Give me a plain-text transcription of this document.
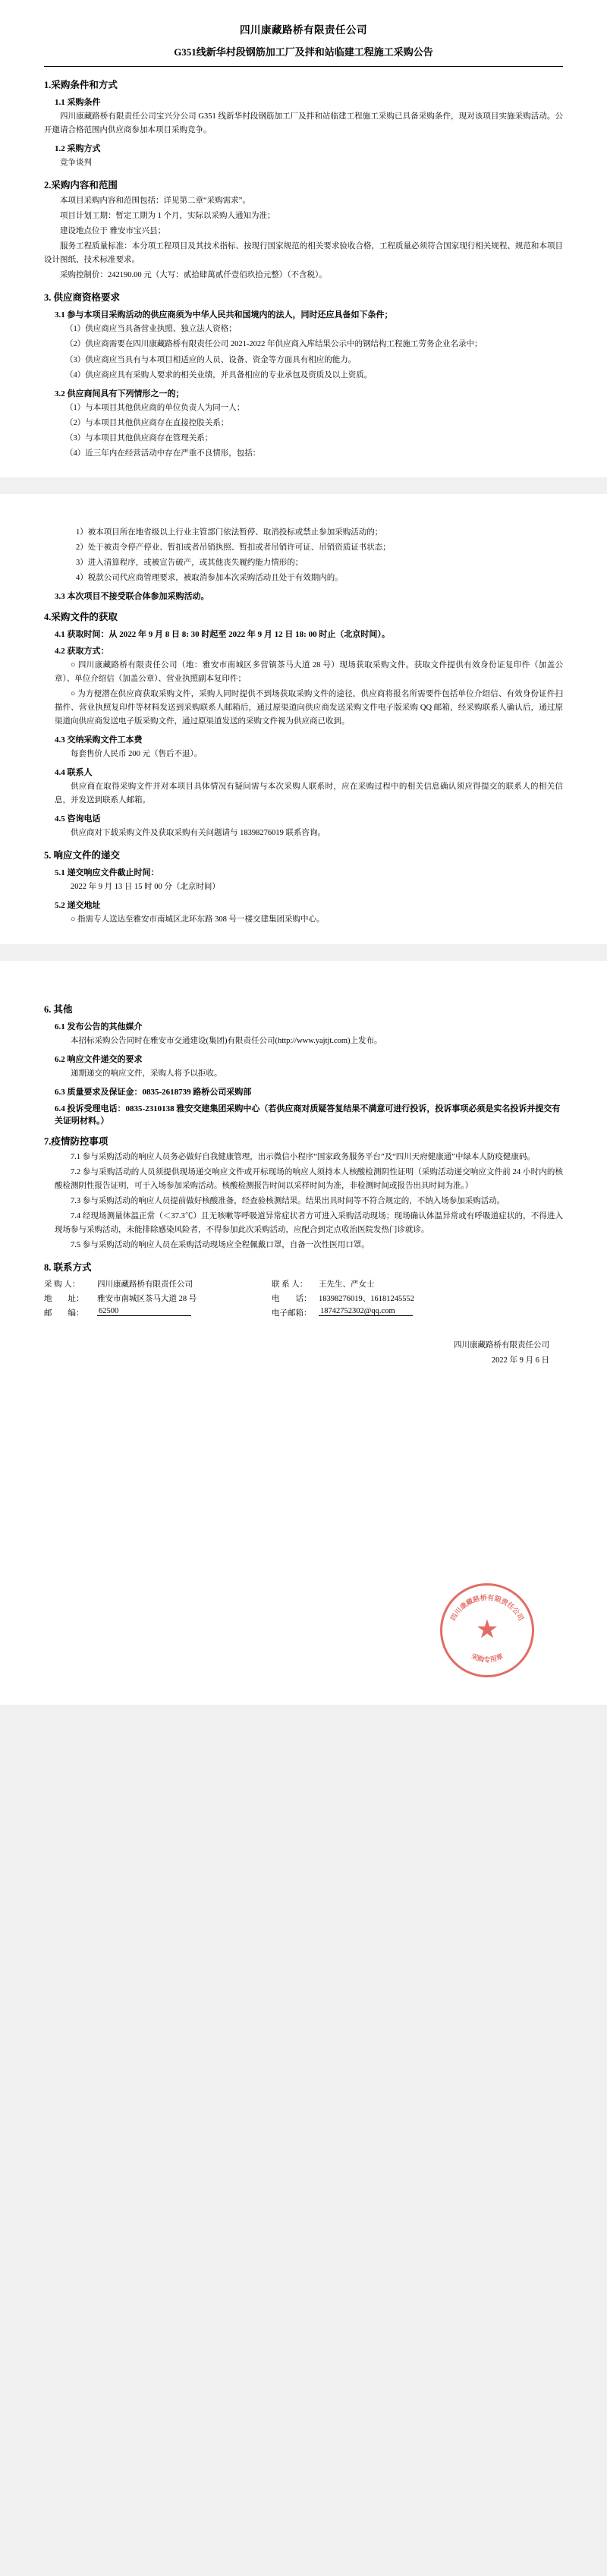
四川康藏路桥有限责任公司
G351线新华村段钢筋加工厂及拌和站临建工程施工采购公告
1.采购条件和方式
1.1 采购条件

四川康藏路桥有限责任公司宝兴分公司 G351 线新华村段钢筋加工厂及拌和站临建工程施工采购已具备采购条件，现对该项目实施采购活动。公开邀请合格范围内供应商参加本项目采购竞争。

1.2 采购方式

竞争谈判

2.采购内容和范围

本项目采购内容和范围包括：详见第二章“采购需求”。

项目计划工期：暂定工期为 1 个月，实际以采购人通知为准；

建设地点位于 雅安市宝兴县；

服务工程质量标准：本分项工程项目及其技术指标、按现行国家规范的相关要求验收合格，工程质量必须符合国家现行相关规程、规范和本项目设计图纸、技术标准要求。

采购控制价：242190.00 元（大写：贰拾肆萬贰仟壹佰玖拾元整）（不含税）。

3. 供应商资格要求
3.1 参与本项目采购活动的供应商须为中华人民共和国境内的法人，同时还应具备如下条件；

（1）供应商应当具备营业执照、独立法人资格；

（2）供应商需要在四川康藏路桥有限责任公司 2021-2022 年供应商入库结果公示中的钢结构工程施工劳务企业名录中；

（3）供应商应当具有与本项目相适应的人员、设备、资金等方面具有相应的能力。

（4）供应商应具有采购人要求的相关业绩，并具备相应的专业承包及资质及以上资质。

3.2 供应商间具有下列情形之一的；

（1）与本项目其他供应商的单位负责人为同一人；

（2）与本项目其他供应商存在直接控股关系；

（3）与本项目其他供应商存在管理关系；

（4）近三年内在经营活动中存在严重不良情形，包括：

1）被本项目所在地省级以上行业主管部门依法暂停、取消投标或禁止参加采购活动的；

2）处于被责令停产停业、暂扣或者吊销执照、暂扣或者吊销许可证、吊销资质证书状态；

3）进入清算程序，或被宣告破产，或其他丧失履约能力情形的；

4）税款公司代应商管理要求，被取消参加本次采购活动且处于有效期内的。

3.3 本次项目不接受联合体参加采购活动。
4.采购文件的获取
4.1 获取时间：从 2022 年 9 月 8 日 8: 30 时起至 2022 年 9 月 12 日 18: 00 时止（北京时间）。
4.2 获取方式：

○ 四川康藏路桥有限责任公司（地：雅安市南城区多营镇茶马大道 28 号）现场获取采购文件。获取文件提供有效身份证复印件（加盖公章）、单位介绍信（加盖公章）、营业执照副本复印件；

○ 为方便潜在供应商获取采购文件，采购人同时提供不到场获取采购文件的途径，供应商将报名所需要件包括单位介绍信、有效身份证件扫描件、营业执照复印件等材料发送到采购联系人邮箱后，通过原渠道向供应商发送采购文件电子版采购 QQ 邮箱，经采购联系人确认后，通过原渠道向供应商发送电子版采购文件，通过原渠道发送的采购文件视为供应商已收到。

4.3 交纳采购文件工本费

每套售价人民币 200 元（售后不退）。

4.4 联系人

供应商在取得采购文件并对本项目具体情况有疑问需与本次采购人联系时，应在采购过程中的相关信息确认须应得提交的联系人的相关信息，并发送到联系人邮箱。

4.5 咨询电话

供应商对下载采购文件及获取采购有关问题请与 18398276019 联系咨询。

5. 响应文件的递交
5.1 递交响应文件截止时间：

2022 年 9 月 13 日 15 时 00 分（北京时间）

5.2 递交地址

○ 指需专人送达至雅安市南城区北环东路 308 号一楼交建集团采购中心。

6. 其他
6.1 发布公告的其他媒介

本招标采购公告同时在雅安市交通建设(集团)有限责任公司(http://www.yajtjt.com)上发布。

6.2 响应文件递交的要求

递期递交的响应文件，采购人将予以拒收。

6.3 质量要求及保证金：0835-2618739 路桥公司采购部
6.4 投诉受理电话：0835-2310138 雅安交建集团采购中心（若供应商对质疑答复结果不满意可进行投诉，投诉事项必须是实名投诉并提交有关证明材料。）
7.疫情防控事项

7.1 参与采购活动的响应人员务必做好自我健康管理，出示微信小程序“国家政务服务平台”及“四川天府健康通”中绿本人防疫健康码。

7.2 参与采购活动的人员须提供现场递交响应文件或开标现场的响应人须持本人核酸检测阴性证明（采购活动递交响应文件前 24 小时内的核酸检测阴性报告证明，可于入场参加采购活动。核酸检测报告时间以采样时间为准，非检测时间或报告出具时间为准。）

7.3 参与采购活动的响应人员提前做好核酸准备，经查验核测结果。结果出具时间等不符合规定的，不纳入场参加采购活动。

7.4 经现场测量体温正常（＜37.3℃）且无咳嗽等呼吸道异常症状者方可进入采购活动现场；现场确认体温异常或有呼吸道症状的，不得进入现场参与采购活动，未能排除感染风险者，不得参加此次采购活动，应配合到定点收治医院发热门诊就诊。

7.5 参与采购活动的响应人员在采购活动现场应全程佩戴口罩，自备一次性医用口罩。

8. 联系方式
采 购 人：	四川康藏路桥有限责任公司	联 系 人：	王先生、严女士
地　　址：	雅安市南城区茶马大道 28 号	电　　话：	18398276019、16181245552
邮　　编：	62500	电子邮箱：	18742752302@qq.com
四川康藏路桥有限责任公司
2022 年 9 月 6 日
四川康藏路桥有限责任公司
采购专用章
★
